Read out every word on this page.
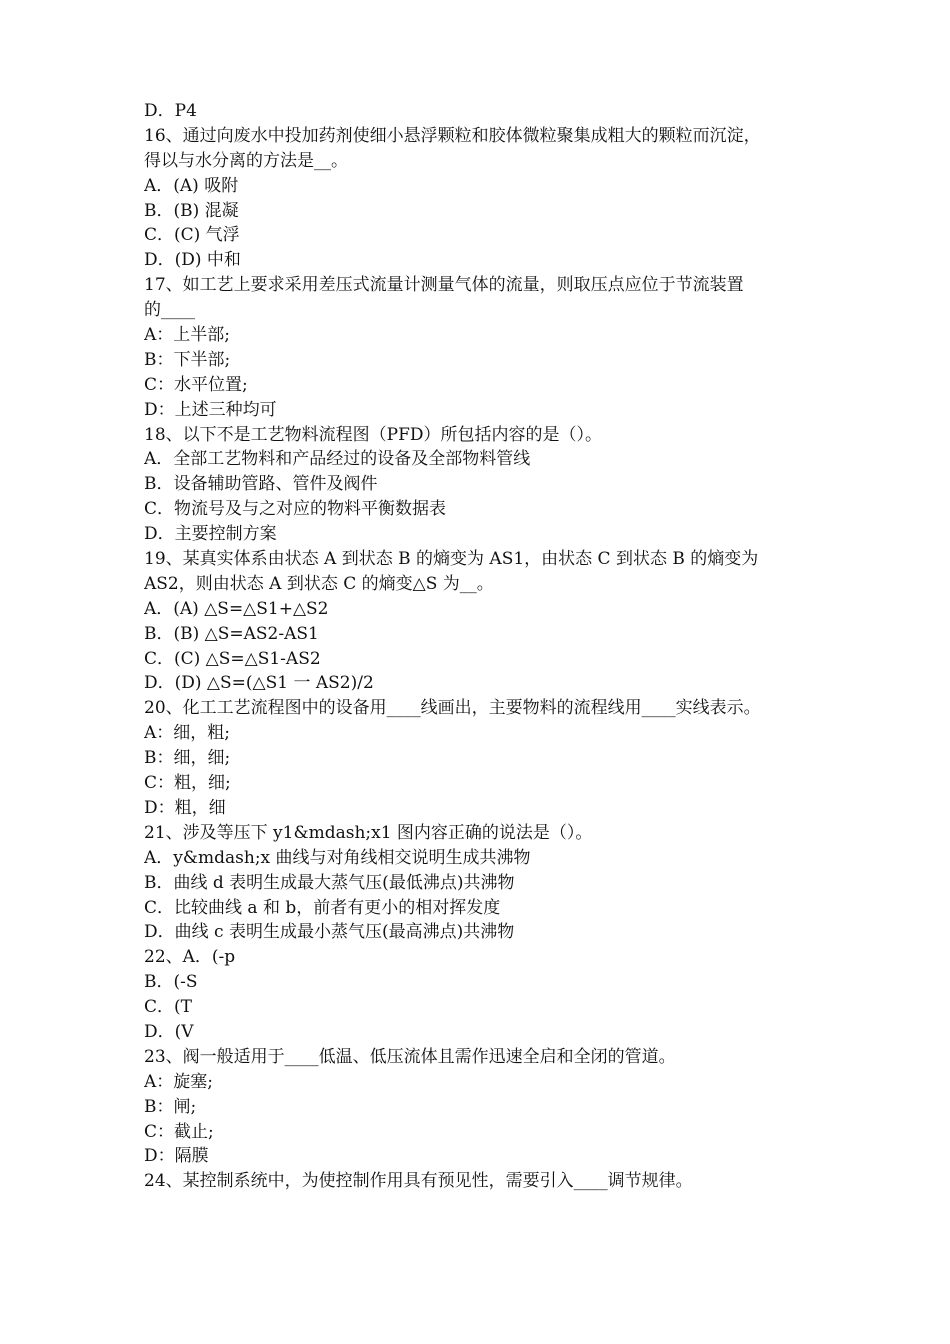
D．P4
16、通过向废水中投加药剂使细小悬浮颗粒和胶体微粒聚集成粗大的颗粒而沉淀，
得以与水分离的方法是__。
A．(A) 吸附
B．(B) 混凝
C．(C) 气浮
D．(D) 中和
17、如工艺上要求采用差压式流量计测量气体的流量，则取压点应位于节流装置
的____
A：上半部;
B：下半部;
C：水平位置;
D：上述三种均可
18、以下不是工艺物料流程图（PFD）所包括内容的是（）。
A．全部工艺物料和产品经过的设备及全部物料管线
B．设备辅助管路、管件及阀件
C．物流号及与之对应的物料平衡数据表
D．主要控制方案
19、某真实体系由状态 A 到状态 B 的熵变为 AS1，由状态 C 到状态 B 的熵变为
AS2，则由状态 A 到状态 C 的熵变△S 为__。
A．(A) △S=△S1+△S2
B．(B) △S=AS2-AS1
C．(C) △S=△S1-AS2
D．(D) △S=(△S1 一 AS2)/2
20、化工工艺流程图中的设备用____线画出，主要物料的流程线用____实线表示。
A：细，粗;
B：细，细;
C：粗，细;
D：粗，细
21、涉及等压下 y1&mdash;x1 图内容正确的说法是（）。
A．y&mdash;x 曲线与对角线相交说明生成共沸物
B．曲线 d 表明生成最大蒸气压(最低沸点)共沸物
C．比较曲线 a 和 b，前者有更小的相对挥发度
D．曲线 c 表明生成最小蒸气压(最高沸点)共沸物
22、A．(-p
B．(-S
C．(T
D．(V
23、阀一般适用于____低温、低压流体且需作迅速全启和全闭的管道。
A：旋塞;
B：闸;
C：截止;
D：隔膜
24、某控制系统中，为使控制作用具有预见性，需要引入____调节规律。
